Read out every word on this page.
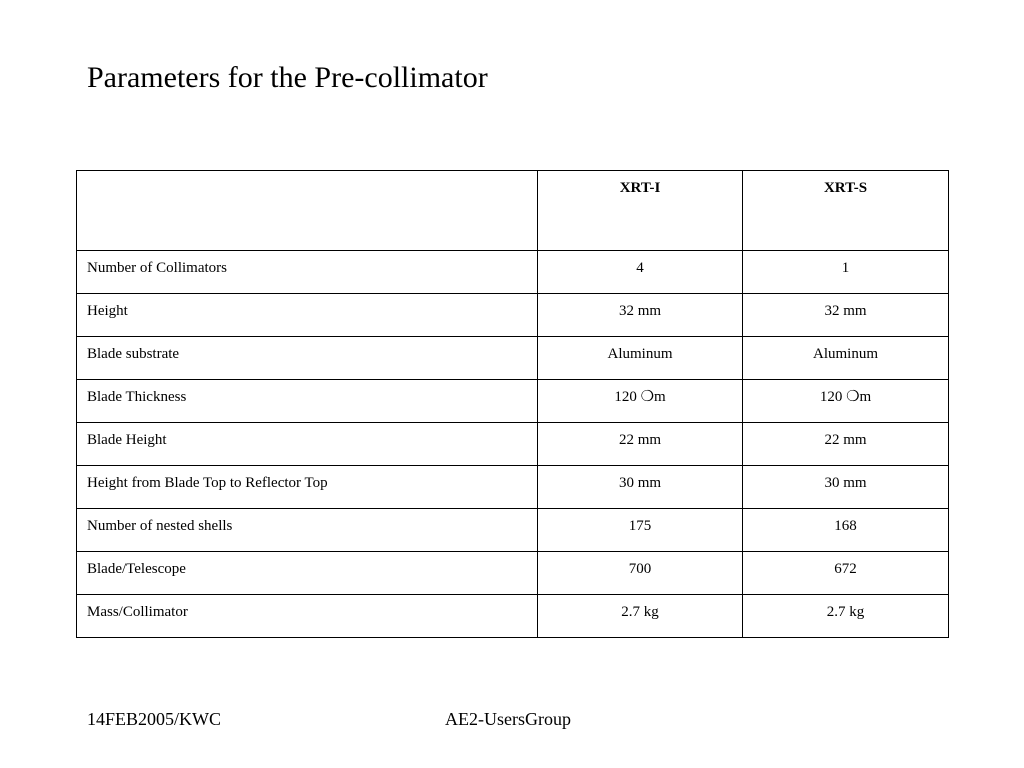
Parameters for the Pre-collimator
	XRT-I	XRT-S
Number of Collimators	4	1
Height	32 mm	32 mm
Blade substrate	Aluminum	Aluminum
Blade Thickness	120 ❍m	120 ❍m
Blade Height	22 mm	22 mm
Height from Blade Top to Reflector Top	30 mm	30 mm
Number of nested shells	175	168
Blade/Telescope	700	672
Mass/Collimator	2.7 kg	2.7 kg
14FEB2005/KWC	AE2-UsersGroup
